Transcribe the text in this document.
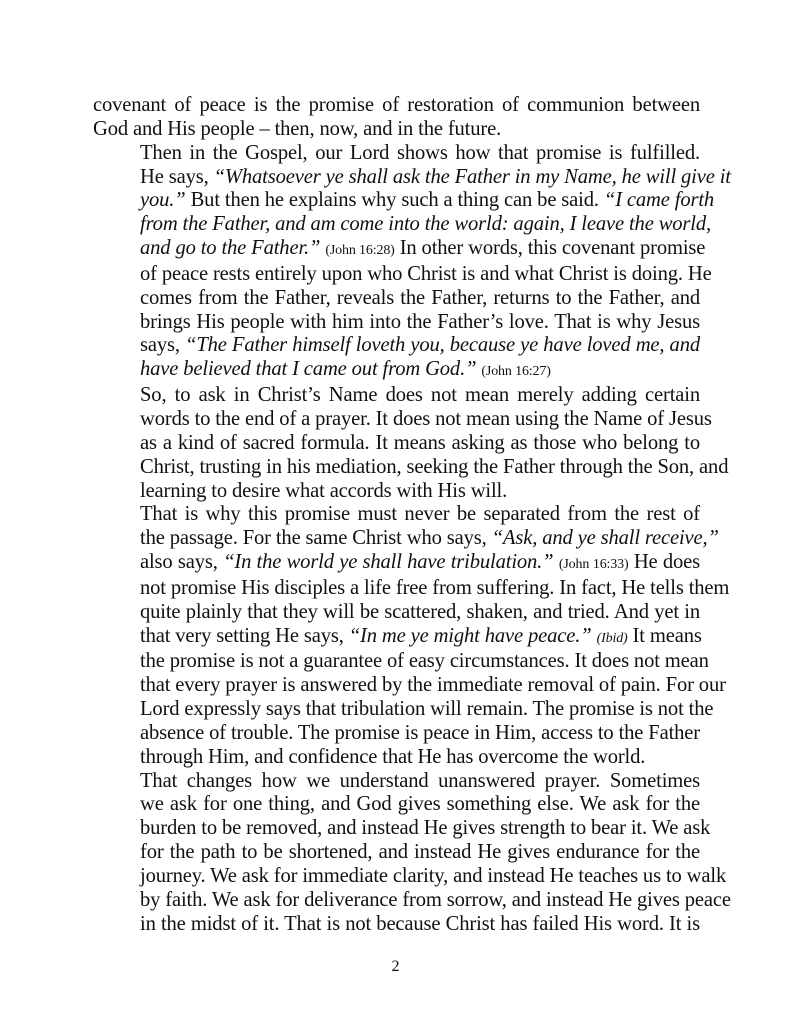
covenant of peace is the promise of restoration of communion between
God and His people – then, now, and in the future.
Then in the Gospel, our Lord shows how that promise is fulfilled.
He says, “Whatsoever ye shall ask the Father in my Name, he will give it
you.” But then he explains why such a thing can be said. “I came forth
from the Father, and am come into the world: again, I leave the world,
and go to the Father.” (John 16:28) In other words, this covenant promise
of peace rests entirely upon who Christ is and what Christ is doing. He
comes from the Father, reveals the Father, returns to the Father, and
brings His people with him into the Father’s love. That is why Jesus
says, “The Father himself loveth you, because ye have loved me, and
have believed that I came out from God.” (John 16:27)
So, to ask in Christ’s Name does not mean merely adding certain
words to the end of a prayer. It does not mean using the Name of Jesus
as a kind of sacred formula. It means asking as those who belong to
Christ, trusting in his mediation, seeking the Father through the Son, and
learning to desire what accords with His will.
That is why this promise must never be separated from the rest of
the passage. For the same Christ who says, “Ask, and ye shall receive,”
also says, “In the world ye shall have tribulation.” (John 16:33) He does
not promise His disciples a life free from suffering. In fact, He tells them
quite plainly that they will be scattered, shaken, and tried. And yet in
that very setting He says, “In me ye might have peace.” (Ibid) It means
the promise is not a guarantee of easy circumstances. It does not mean
that every prayer is answered by the immediate removal of pain. For our
Lord expressly says that tribulation will remain. The promise is not the
absence of trouble. The promise is peace in Him, access to the Father
through Him, and confidence that He has overcome the world.
That changes how we understand unanswered prayer. Sometimes
we ask for one thing, and God gives something else. We ask for the
burden to be removed, and instead He gives strength to bear it. We ask
for the path to be shortened, and instead He gives endurance for the
journey. We ask for immediate clarity, and instead He teaches us to walk
by faith. We ask for deliverance from sorrow, and instead He gives peace
in the midst of it. That is not because Christ has failed His word. It is
2
